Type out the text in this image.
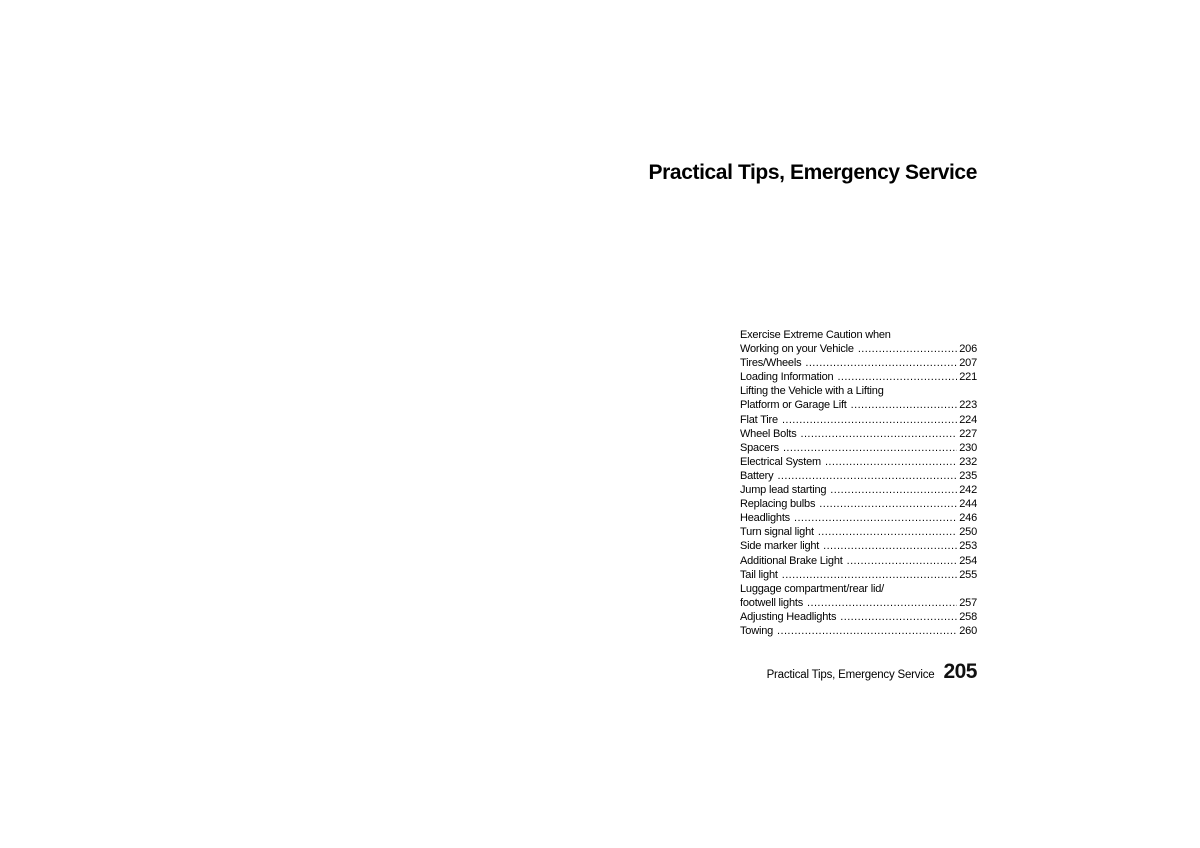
Practical Tips, Emergency Service
Exercise Extreme Caution when
Working on your Vehicle .....	206
Tires/Wheels .....	207
Loading Information .....	221
Lifting the Vehicle with a Lifting
Platform or Garage Lift .....	223
Flat Tire .....	224
Wheel Bolts .....	227
Spacers .....	230
Electrical System .....	232
Battery .....	235
Jump lead starting .....	242
Replacing bulbs .....	244
Headlights .....	246
Turn signal light .....	250
Side marker light .....	253
Additional Brake Light .....	254
Tail light .....	255
Luggage compartment/rear lid/
footwell lights .....	257
Adjusting Headlights .....	258
Towing .....	260
Practical Tips, Emergency Service 205
